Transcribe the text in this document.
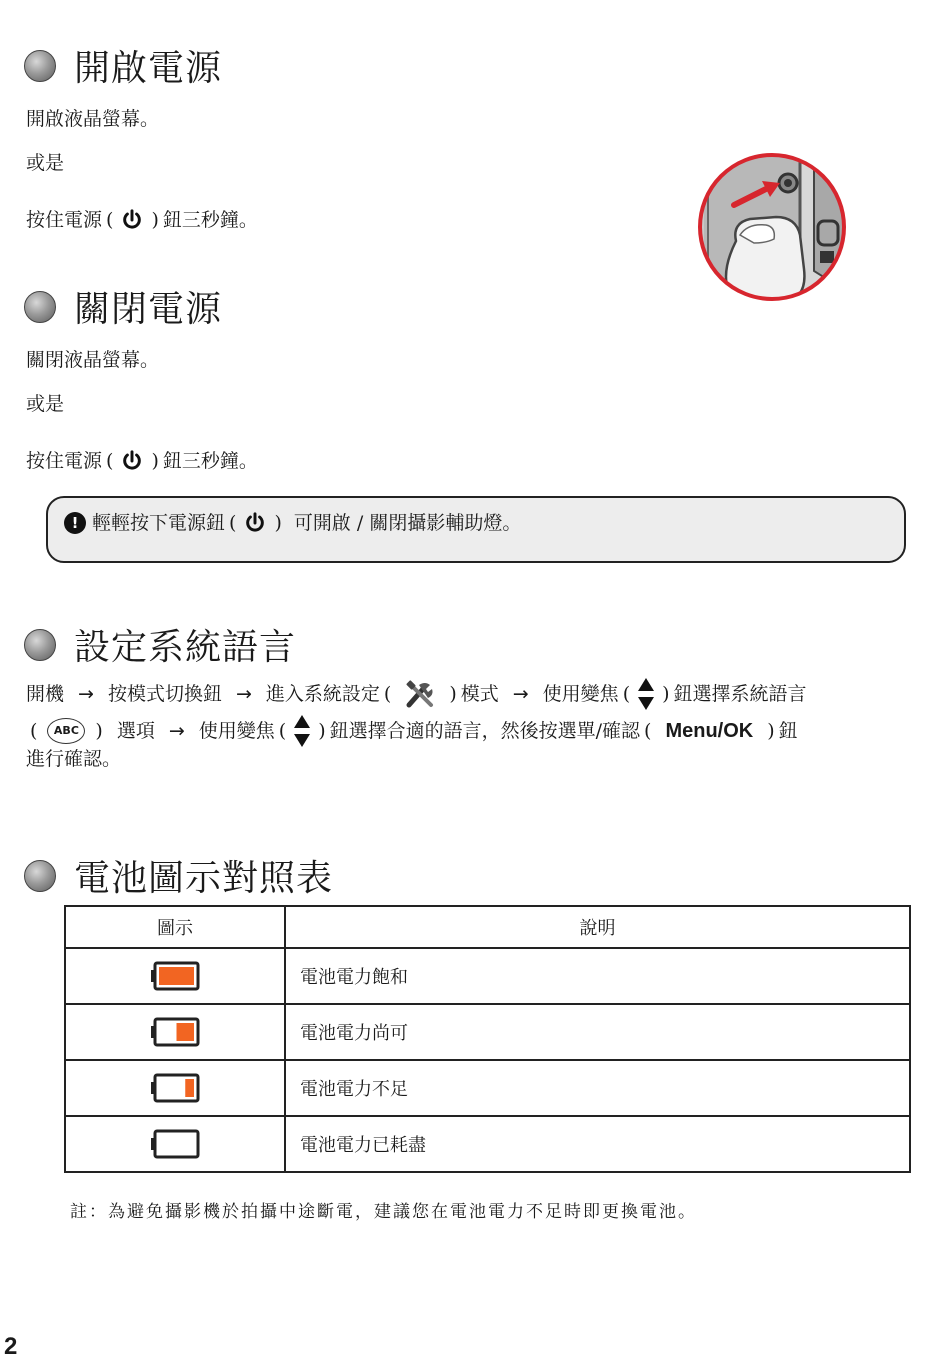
開啟電源
開啟液晶螢幕。
或是
按住電源 ( ) 鈕三秒鐘。
關閉電源
關閉液晶螢幕。
或是
按住電源 ( ) 鈕三秒鐘。
! 輕輕按下電源鈕 ( ) 可開啟 / 關閉攝影輔助燈。
設定系統語言
開機 → 按模式切換鈕 → 進入系統設定 (	) 模式 → 使用變焦 ( ) 鈕選擇系統語言
(	ABC ) 選項 → 使用變焦 ( ) 鈕選擇合適的語言，然後按選單/確認 ( Menu/OK ) 鈕
進行確認。
電池圖示對照表
圖示	說明
	電池電力飽和
	電池電力尚可
	電池電力不足
	電池電力已耗盡
註：為避免攝影機於拍攝中途斷電，建議您在電池電力不足時即更換電池。
2
